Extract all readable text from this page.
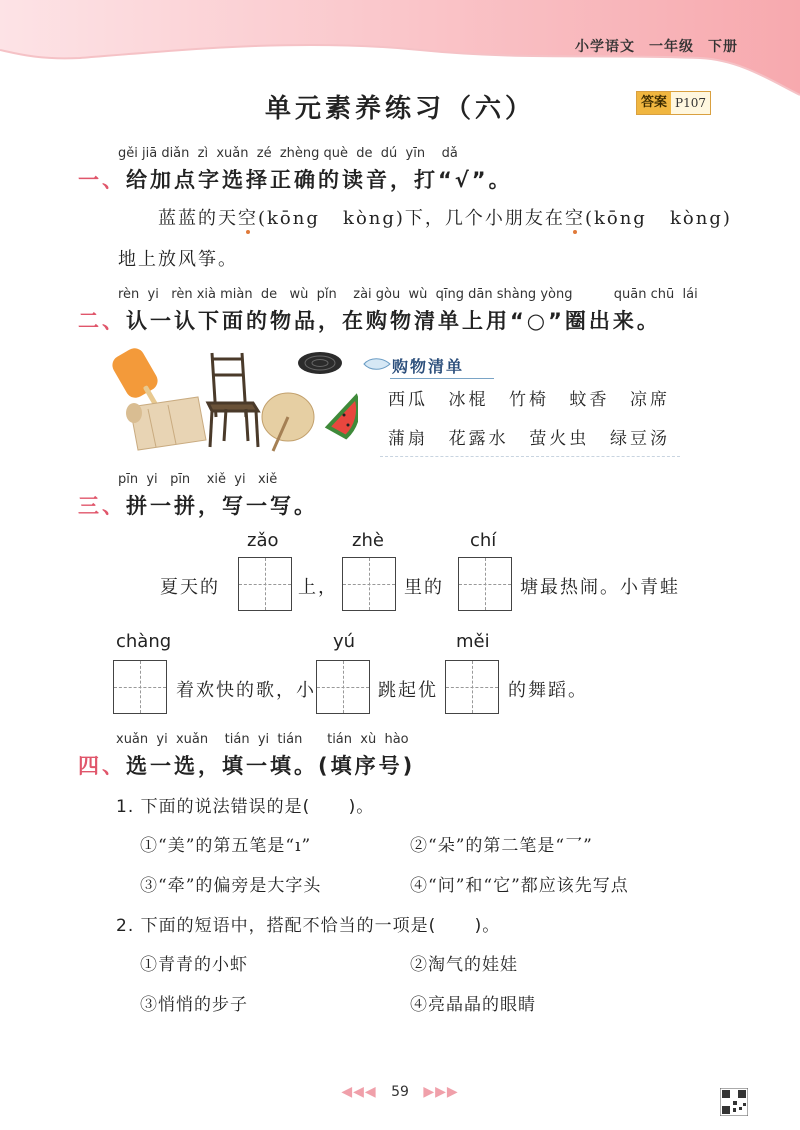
小学语文 一年级 下册
单元素养练习（六）	答案 P107
gěi jiā diǎn  zì  xuǎn  zé  zhèng què  de  dú  yīn    dǎ
一、给加点字选择正确的读音，打“√”。
蓝蓝的天空(kōng   kòng)下，几个小朋友在空(kōng   kòng)
地上放风筝。
rèn  yi   rèn xià miàn  de   wù  pǐn    zài gòu  wù  qīng dān shàng yòng          quān chū  lái
二、认一认下面的物品，在购物清单上用“○”圈出来。
购物清单
西瓜 冰棍 竹椅 蚊香 凉席
蒲扇 花露水 萤火虫 绿豆汤
pīn  yi   pīn    xiě  yi   xiě
三、拼一拼，写一写。
zǎo	zhè	chí
夏天的	上，	里的	塘最热闹。小青蛙
chàng	yú	měi
着欢快的歌，小	跳起优	的舞蹈。
xuǎn  yi  xuǎn    tián  yi  tián      tián  xù  hào
四、选一选，填一填。(填序号)
1. 下面的说法错误的是(      )。
①“美”的第五笔是“ı”	②“朵”的第二笔是“乛”
③“牵”的偏旁是大字头	④“问”和“它”都应该先写点
2. 下面的短语中，搭配不恰当的一项是(      )。
①青青的小虾	②淘气的娃娃
③悄悄的步子	④亮晶晶的眼睛
◀◀◀ 59 ▶▶▶
